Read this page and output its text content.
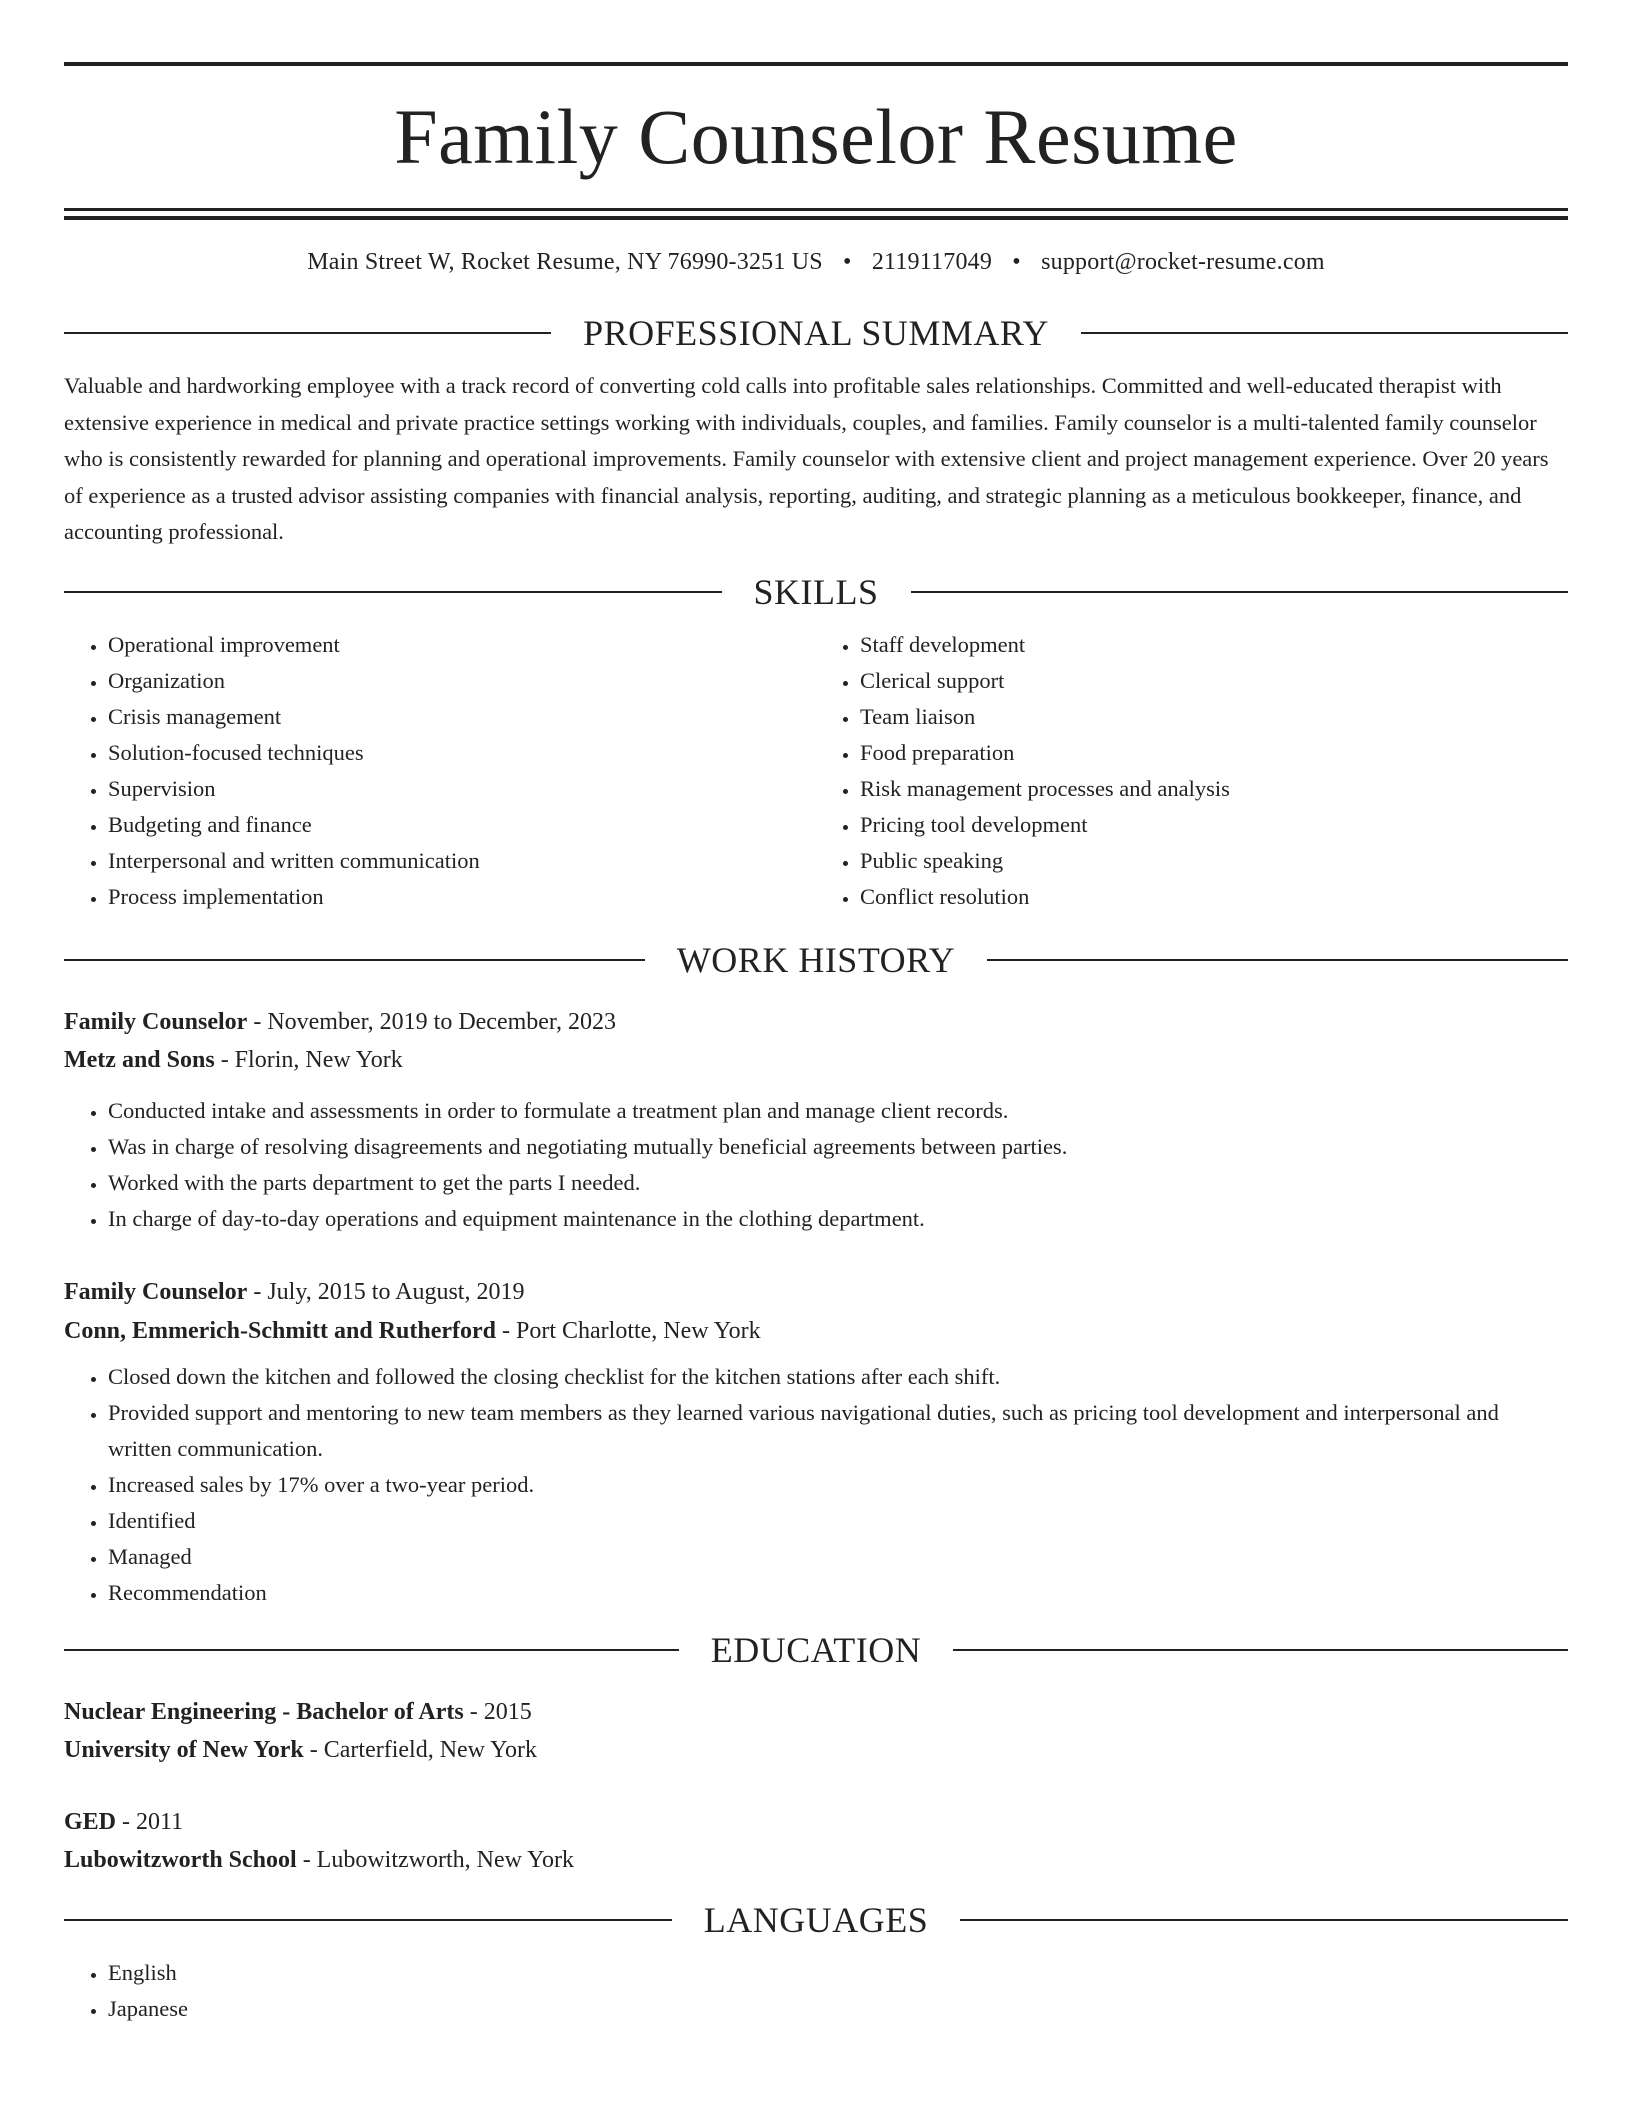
Family Counselor Resume
Main Street W, Rocket Resume, NY 76990-3251 US • 2119117049 • support@rocket-resume.com
PROFESSIONAL SUMMARY

Valuable and hardworking employee with a track record of converting cold calls into profitable sales relationships. Committed and well-educated therapist with extensive experience in medical and private practice settings working with individuals, couples, and families. Family counselor is a multi-talented family counselor who is consistently rewarded for planning and operational improvements. Family counselor with extensive client and project management experience. Over 20 years of experience as a trusted advisor assisting companies with financial analysis, reporting, auditing, and strategic planning as a meticulous bookkeeper, finance, and accounting professional.

SKILLS
• Operational improvement
• Organization
• Crisis management
• Solution-focused techniques
• Supervision
• Budgeting and finance
• Interpersonal and written communication
• Process implementation
• Staff development
• Clerical support
• Team liaison
• Food preparation
• Risk management processes and analysis
• Pricing tool development
• Public speaking
• Conflict resolution
WORK HISTORY
Family Counselor - November, 2019 to December, 2023
Metz and Sons - Florin, New York
• Conducted intake and assessments in order to formulate a treatment plan and manage client records.
• Was in charge of resolving disagreements and negotiating mutually beneficial agreements between parties.
• Worked with the parts department to get the parts I needed.
• In charge of day-to-day operations and equipment maintenance in the clothing department.
Family Counselor - July, 2015 to August, 2019
Conn, Emmerich-Schmitt and Rutherford - Port Charlotte, New York
• Closed down the kitchen and followed the closing checklist for the kitchen stations after each shift.
• Provided support and mentoring to new team members as they learned various navigational duties, such as pricing tool development and interpersonal and written communication.
• Increased sales by 17% over a two-year period.
• Identified
• Managed
• Recommendation
EDUCATION
Nuclear Engineering - Bachelor of Arts - 2015
University of New York - Carterfield, New York
GED - 2011
Lubowitzworth School - Lubowitzworth, New York
LANGUAGES
• English
• Japanese
